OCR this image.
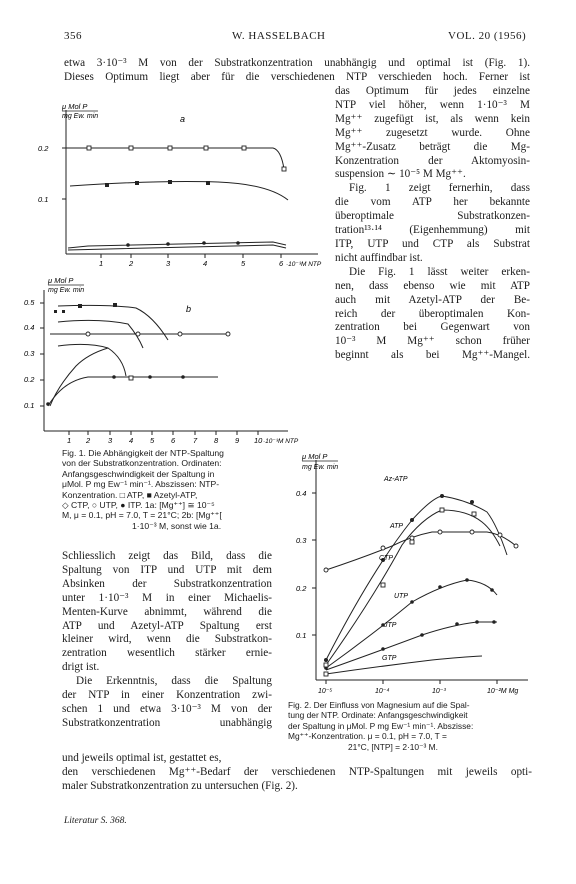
356	W. HASSELBACH	VOL. 20 (1956)
etwa 3·10⁻³ M von der Substratkonzentration unabhängig und optimal ist (Fig. 1).
Dieses Optimum liegt aber für die verschiedenen NTP verschieden hoch. Ferner ist
das Optimum für jedes einzelne
NTP viel höher, wenn 1·10⁻³ M
Mg⁺⁺ zugefügt ist, als wenn kein
Mg⁺⁺ zugesetzt wurde. Ohne
Mg⁺⁺-Zusatz beträgt die Mg-
Konzentration der Aktomyosin-
suspension ∼ 10⁻⁵ M Mg⁺⁺.
Fig. 1 zeigt fernerhin, dass
die vom ATP her bekannte
überoptimale Substratkonzen-
tration¹³·¹⁴ (Eigenhemmung) mit
ITP, UTP und CTP als Substrat
nicht auffindbar ist.
Die Fig. 1 lässt weiter erken-
nen, dass ebenso wie mit ATP
auch mit Azetyl-ATP der Be-
reich der überoptimalen Kon-
zentration bei Gegenwart von
10⁻³ M Mg⁺⁺ schon früher
beginnt als bei Mg⁺⁺-Mangel.
μ Mol P
mg Ew. min	a
0.2
0.1
1	2	3	4	5	6 ·10⁻³M NTP
μ Mol P
mg Ew. min
b
0.5
0.4
0.3
0.2
0.1
1 2 3 4 5 6 7 8 9 10 ·10⁻³M NTP
Fig. 1. Die Abhängigkeit der NTP-Spaltung
von der Substratkonzentration. Ordinaten:
Anfangsgeschwindigkeit der Spaltung in
μMol. P mg Ew⁻¹ min⁻¹. Abszissen: NTP-
Konzentration. □ ATP, ■ Azetyl-ATP,
◇ CTP, ○ UTP, ● ITP. 1a: [Mg⁺⁺] ≅ 10⁻⁵
M, μ = 0.1, pH = 7.0, T = 21°C; 2b: [Mg⁺⁺[
1·10⁻³ M, sonst wie 1a.
Schliesslich zeigt das Bild, dass die
Spaltung von ITP und UTP mit dem
Absinken der Substratkonzentration
unter 1·10⁻³ M in einer Michaelis-
Menten-Kurve abnimmt, während die
ATP und Azetyl-ATP Spaltung erst
kleiner wird, wenn die Substratkon-
zentration wesentlich stärker ernie-
drigt ist.
Die Erkenntnis, dass die Spaltung
der NTP in einer Konzentration zwi-
schen 1 und etwa 3·10⁻³ M von der
Substratkonzentration unabhängig
μ Mol P
mg Ew. min
0.4
0.3
0.2
0.1
10⁻⁵	10⁻⁴	10⁻³	10⁻²M Mg
Az-ATP
ATP
CTP
UTP
JTP
GTP
Fig. 2. Der Einfluss von Magnesium auf die Spal-
tung der NTP. Ordinate: Anfangsgeschwindigkeit
der Spaltung in μMol. P mg Ew⁻¹ min⁻¹. Abszisse:
Mg⁺⁺-Konzentration. μ = 0.1, pH = 7.0, T =
21°C, [NTP] = 2·10⁻³ M.
und jeweils optimal ist, gestattet es,
den verschiedenen Mg⁺⁺-Bedarf der verschiedenen NTP-Spaltungen mit jeweils opti-
maler Substratkonzentration zu untersuchen (Fig. 2).
Literatur S. 368.
